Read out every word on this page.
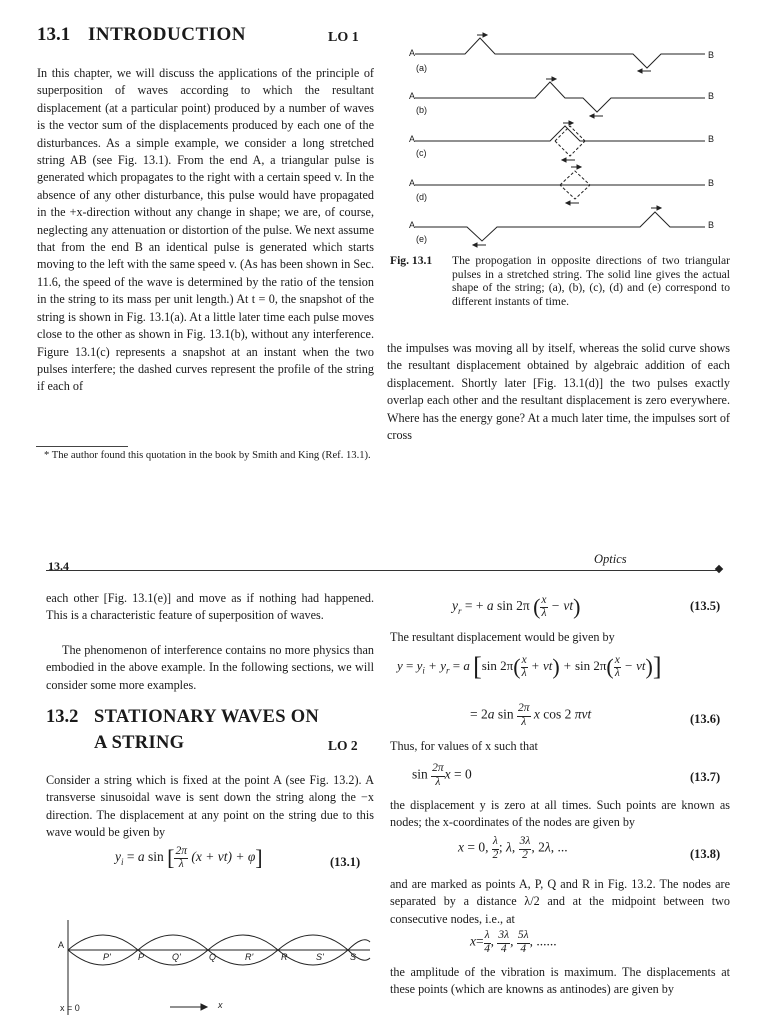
13.1 INTRODUCTION	LO 1

In this chapter, we will discuss the applications of the principle of superposition of waves according to which the resultant displacement (at a particular point) produced by a number of waves is the vector sum of the displacements produced by each one of the disturbances. As a simple example, we consider a long stretched string AB (see Fig. 13.1). From the end A, a triangular pulse is generated which propagates to the right with a certain speed v. In the absence of any other disturbance, this pulse would have propagated in the +x-direction without any change in shape; we are, of course, neglecting any attenuation or distortion of the pulse. We next assume that from the end B an identical pulse is generated which starts moving to the left with the same speed v. (As has been shown in Sec. 11.6, the speed of the wave is determined by the ratio of the tension in the string to its mass per unit length.) At t = 0, the snapshot of the string is shown in Fig. 13.1(a). At a little later time each pulse moves close to the other as shown in Fig. 13.1(b), without any interference. Figure 13.1(c) represents a snapshot at an instant when the two pulses interfere; the dashed curves represent the profile of the string if each of

A	B
(a)
A	B
(b)
A	B
(c)
A	B
(d)
A	B
(e)
Fig. 13.1 The propogation in opposite directions of two triangular pulses in a stretched string. The solid line gives the actual shape of the string; (a), (b), (c), (d) and (e) correspond to different instants of time.

the impulses was moving all by itself, whereas the solid curve shows the resultant displacement obtained by algebraic addition of each displacement. Shortly later [Fig. 13.1(d)] the two pulses exactly overlap each other and the resultant displacement is zero everywhere. Where has the energy gone? At a much later time, the impulses sort of cross

* The author found this quotation in the book by Smith and King (Ref. 13.1).
13.4	Optics

each other [Fig. 13.1(e)] and move as if nothing had happened. This is a characteristic feature of superposition of waves.

The phenomenon of interference contains no more physics than embodied in the above example. In the following sections, we will consider some more examples.

13.2 STATIONARY WAVES ON
A STRING	LO 2

Consider a string which is fixed at the point A (see Fig. 13.2). A transverse sinusoidal wave is sent down the string along the −x direction. The displacement at any point on the string due to this wave would be given by

$y_i = a$ sin [ $\frac{2\pi}{\lambda} (x + vt) + \varphi$]	(13.1)
A
P'	P	Q'	Q	R'	R	S'	S
x = 0	x
$y_r$ = + a sin 2π ( $\frac{x}{\lambda} - vt$)	(13.5)
The resultant displacement would be given by
$y = y_i + y_r = a$ [sin $2\pi( \frac{x}{\lambda} + vt) + \sin 2\pi( \frac{x}{\lambda} - vt)$]
= 2a $\sin \frac{2\pi}{\lambda}$ x cos 2 πvt	(13.6)
Thus, for values of x such that
$\sin \frac{2\pi}{\lambda}$ x = 0	(13.7)

the displacement y is zero at all times. Such points are known as nodes; the x-coordinates of the nodes are given by

x = 0, $\frac{\lambda}{2}$ ; λ, $\frac{3\lambda}{2}$ , 2λ, ...	(13.8)

and are marked as points A, P, Q and R in Fig. 13.2. The nodes are separated by a distance λ/2 and at the midpoint between two consecutive nodes, i.e., at

$x= \frac{\lambda}{4}$ , $\frac{3\lambda}{4}$ , $\frac{5\lambda}{4}$ , ......

the amplitude of the vibration is maximum. The displacements at these points (which are knowns as antinodes) are given by
